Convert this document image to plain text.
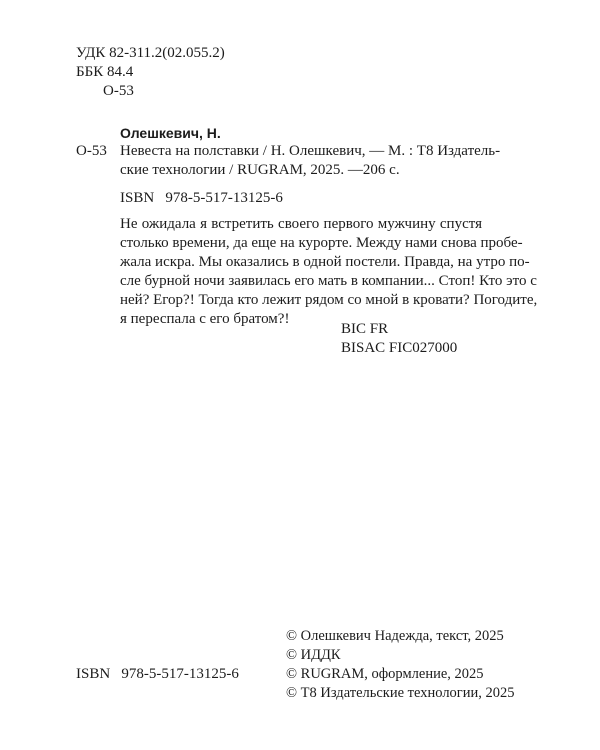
УДК 82-311.2(02.055.2)
ББК 84.4
О-53
Олешкевич, Н.
О-53 Невеста на полставки / Н. Олешкевич, — М. : Т8 Издатель-
ские технологии / RUGRAM, 2025. —206 с.
ISBN   978-5-517-13125-6
Не ожидала я встретить своего первого мужчину спустя
столько времени, да еще на курорте. Между нами снова пробе-
жала искра. Мы оказались в одной постели. Правда, на утро по-
сле бурной ночи заявилась его мать в компании... Стоп! Кто это с
ней? Егор?! Тогда кто лежит рядом со мной в кровати? Погодите,
я переспала с его братом?!
BIC FR
BISAC FIC027000
© Олешкевич Надежда, текст, 2025
© ИДДК
© RUGRAM, оформление, 2025
© Т8 Издательские технологии, 2025
ISBN   978-5-517-13125-6
